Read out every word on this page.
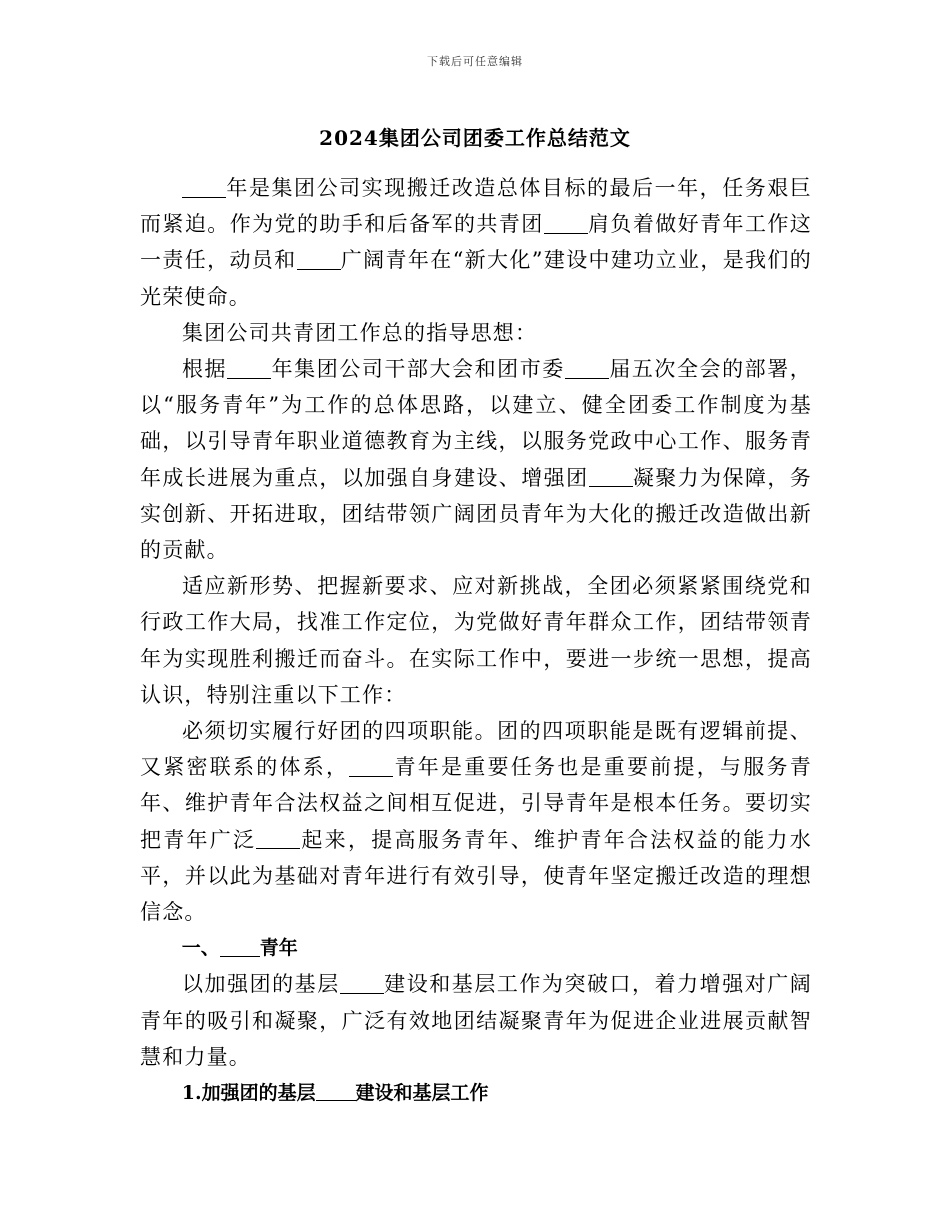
下载后可任意编辑
2024集团公司团委工作总结范文

年是集团公司实现搬迁改造总体目标的最后一年，任务艰巨而紧迫。作为党的助手和后备军的共青团 肩负着做好青年工作这一责任，动员和 广阔青年在“新大化”建设中建功立业，是我们的光荣使命。

集团公司共青团工作总的指导思想：

根据 年集团公司干部大会和团市委 届五次全会的部署，以“服务青年”为工作的总体思路，以建立、健全团委工作制度为基础，以引导青年职业道德教育为主线，以服务党政中心工作、服务青年成长进展为重点，以加强自身建设、增强团 凝聚力为保障，务实创新、开拓进取，团结带领广阔团员青年为大化的搬迁改造做出新的贡献。

适应新形势、把握新要求、应对新挑战，全团必须紧紧围绕党和行政工作大局，找准工作定位，为党做好青年群众工作，团结带领青年为实现胜利搬迁而奋斗。在实际工作中，要进一步统一思想，提高认识，特别注重以下工作：

必须切实履行好团的四项职能。团的四项职能是既有逻辑前提、又紧密联系的体系， 青年是重要任务也是重要前提，与服务青年、维护青年合法权益之间相互促进，引导青年是根本任务。要切实把青年广泛 起来，提高服务青年、维护青年合法权益的能力水平，并以此为基础对青年进行有效引导，使青年坚定搬迁改造的理想信念。

一、 青年

以加强团的基层 建设和基层工作为突破口，着力增强对广阔青年的吸引和凝聚，广泛有效地团结凝聚青年为促进企业进展贡献智慧和力量。

1.加强团的基层 建设和基层工作
